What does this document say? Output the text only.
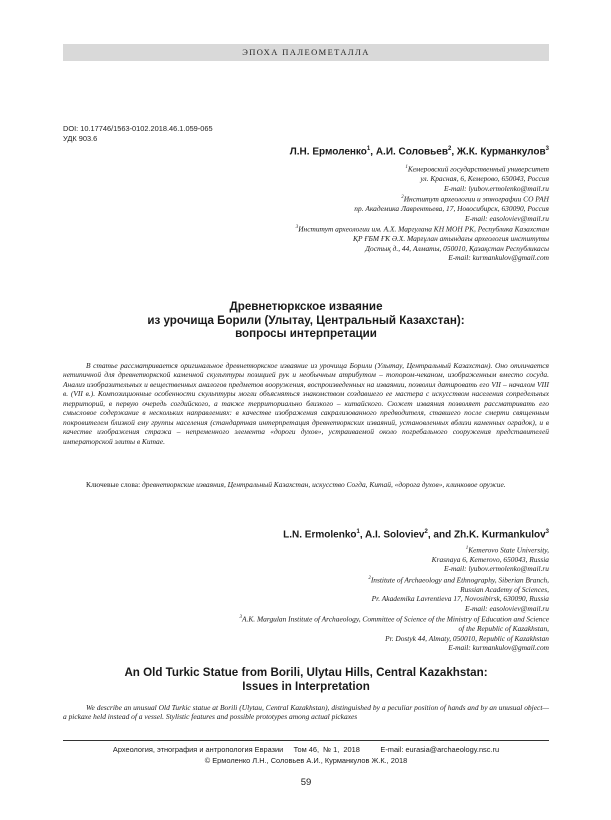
ЭПОХА ПАЛЕОМЕТАЛЛА
DOI: 10.17746/1563-0102.2018.46.1.059-065
УДК 903.6
Л.Н. Ермоленко$^1$, А.И. Соловьев$^2$, Ж.К. Курманкулов$^3$
$^1$Кемеровский государственный университет
ул. Красная, 6, Кемерово, 650043, Россия
E-mail: lyubov.ermolenko@mail.ru
$^2$Институт археологии и этнографии СО РАН
пр. Академика Лаврентьева, 17, Новосибирск, 630090, Россия
E-mail: easoloviev@mail.ru
$^3$Институт археологии им. А.Х. Маргулана КН МОН РК, Республика Казахстан
ҚР ҒБМ ҒК Ә.Х. Марғұлан атындағы археология институты
Достық д., 44, Алматы, 050010, Қазақстан Республикасы
E-mail: kurmankulov@gmail.com
Древнетюркское изваяние
из урочища Борили (Улытау, Центральный Казахстан):
вопросы интерпретации
В статье рассматривается оригинальное древнетюркское изваяние из урочища Борили (Улытау, Центральный Казахстан). Оно отличается нетипичной для древнетюркской каменной скульптуры позицией рук и необычным атрибутом – топором-чеканом, изображенным вместо сосуда. Анализ изобразительных и вещественных аналогов предметов вооружения, воспроизведенных на изваянии, позволил датировать его VII – началом VIII в. (VII в.). Композиционные особенности скульптуры могли объясняться знакомством создавшего ее мастера с искусством населения сопредельных территорий, в первую очередь согдийского, а также территориально близкого – китайского. Сюжет изваяния позволяет рассматривать его смысловое содержание в нескольких направлениях: в качестве изображения сакрализованного предводителя, ставшего после смерти священным покровителем близкой ему группы населения (стандартная интерпретация древнетюркских изваяний, установленных вблизи каменных оградок), и в качестве изображения стража – непременного элемента «дороги духов», устраиваемой около погребального сооружения представителей императорской элиты в Китае.
Ключевые слова: древнетюркские изваяния, Центральный Казахстан, искусство Согда, Китай, «дорога духов», клинковое оружие.
L.N. Ermolenko$^1$, A.I. Soloviev$^2$, and Zh.K. Kurmankulov$^3$
$^1$Kemerovo State University,
Krasnaya 6, Kemerovo, 650043, Russia
E-mail: lyubov.ermolenko@mail.ru
$^2$Institute of Archaeology and Ethnography, Siberian Branch,
Russian Academy of Sciences,
Pr. Akademika Lavrentieva 17, Novosibirsk, 630090, Russia
E-mail: easoloviev@mail.ru
$^3$A.K. Margulan Institute of Archaeology, Committee of Science of the Ministry of Education and Science
of the Republic of Kazakhstan,
Pr. Dostyk 44, Almaty, 050010, Republic of Kazakhstan
E-mail: kurmankulov@gmail.com
An Old Turkic Statue from Borili, Ulytau Hills, Central Kazakhstan:
Issues in Interpretation
We describe an unusual Old Turkic statue at Borili (Ulytau, Central Kazakhstan), distinguished by a peculiar position of hands and by an unusual object—a pickaxe held instead of a vessel. Stylistic features and possible prototypes among actual pickaxes
Археология, этнография и антропология Евразии Том 46,  № 1,  2018	E-mail: eurasia@archaeology.nsc.ru
© Ермоленко Л.Н., Соловьев А.И., Курманкулов Ж.К., 2018
59
